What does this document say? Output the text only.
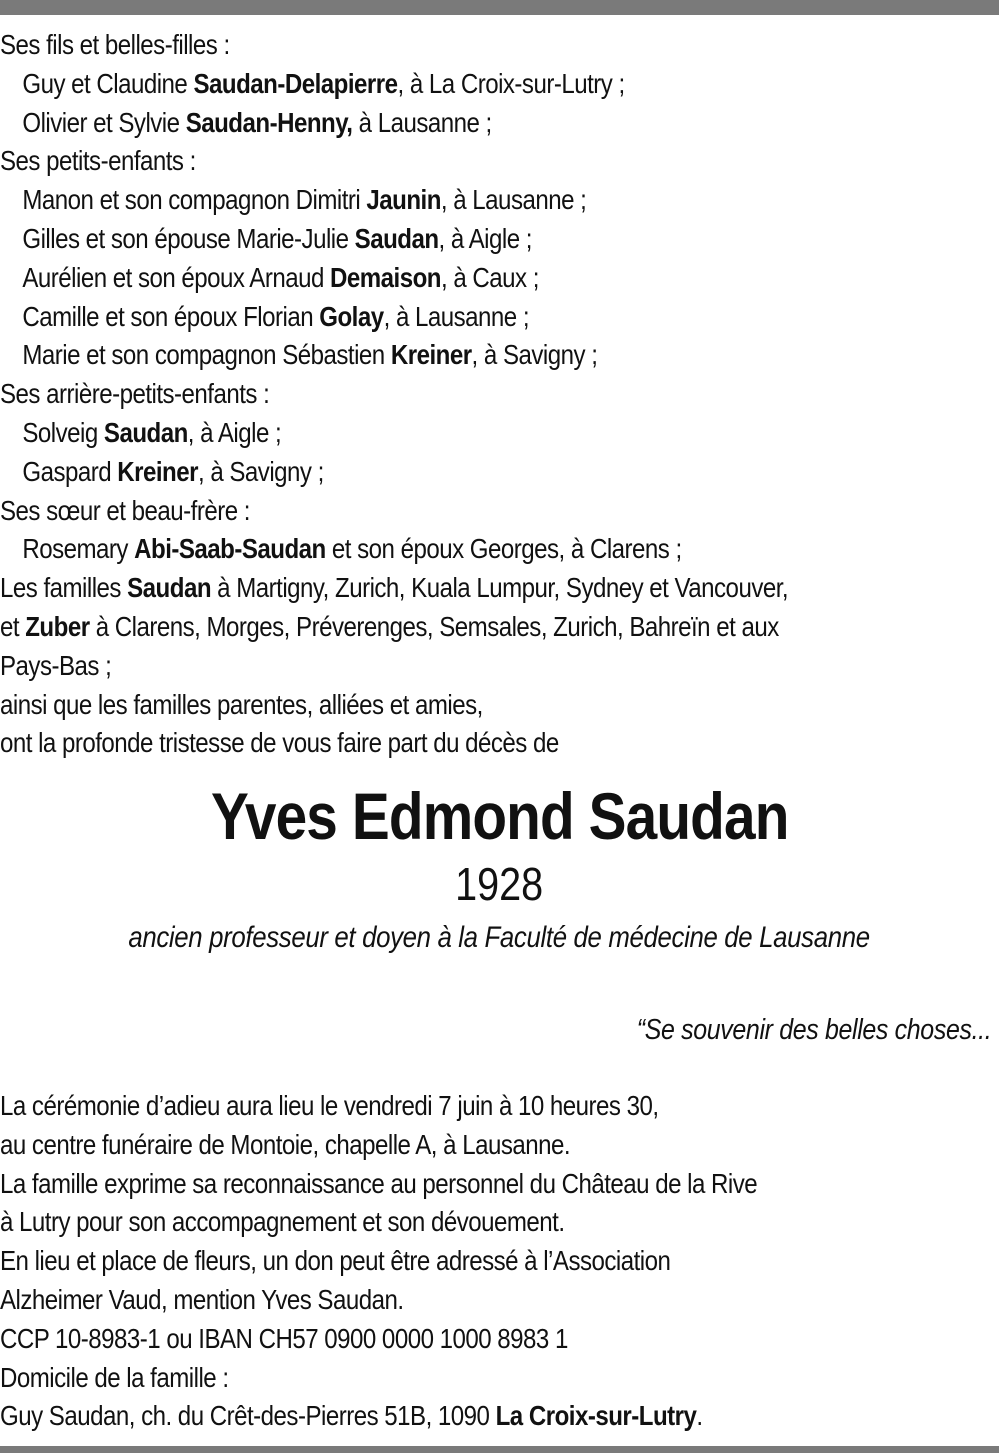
Ses fils et belles-filles :
Guy et Claudine Saudan-Delapierre, à La Croix-sur-Lutry ;
Olivier et Sylvie Saudan-Henny, à Lausanne ;
Ses petits-enfants :
Manon et son compagnon Dimitri Jaunin, à Lausanne ;
Gilles et son épouse Marie-Julie Saudan, à Aigle ;
Aurélien et son époux Arnaud Demaison, à Caux ;
Camille et son époux Florian Golay, à Lausanne ;
Marie et son compagnon Sébastien Kreiner, à Savigny ;
Ses arrière-petits-enfants :
Solveig Saudan, à Aigle ;
Gaspard Kreiner, à Savigny ;
Ses sœur et beau-frère :
Rosemary Abi-Saab-Saudan et son époux Georges, à Clarens ;
Les familles Saudan à Martigny, Zurich, Kuala Lumpur, Sydney et Vancouver,
et Zuber à Clarens, Morges, Préverenges, Semsales, Zurich, Bahreïn et aux
Pays-Bas ;
ainsi que les familles parentes, alliées et amies,
ont la profonde tristesse de vous faire part du décès de
Yves Edmond Saudan
1928
ancien professeur et doyen à la Faculté de médecine de Lausanne
“Se souvenir des belles choses...
La cérémonie d’adieu aura lieu le vendredi 7 juin à 10 heures 30,
au centre funéraire de Montoie, chapelle A, à Lausanne.
La famille exprime sa reconnaissance au personnel du Château de la Rive
à Lutry pour son accompagnement et son dévouement.
En lieu et place de fleurs, un don peut être adressé à l’Association
Alzheimer Vaud, mention Yves Saudan.
CCP 10-8983-1 ou IBAN CH57 0900 0000 1000 8983 1
Domicile de la famille :
Guy Saudan, ch. du Crêt-des-Pierres 51B, 1090 La Croix-sur-Lutry.
